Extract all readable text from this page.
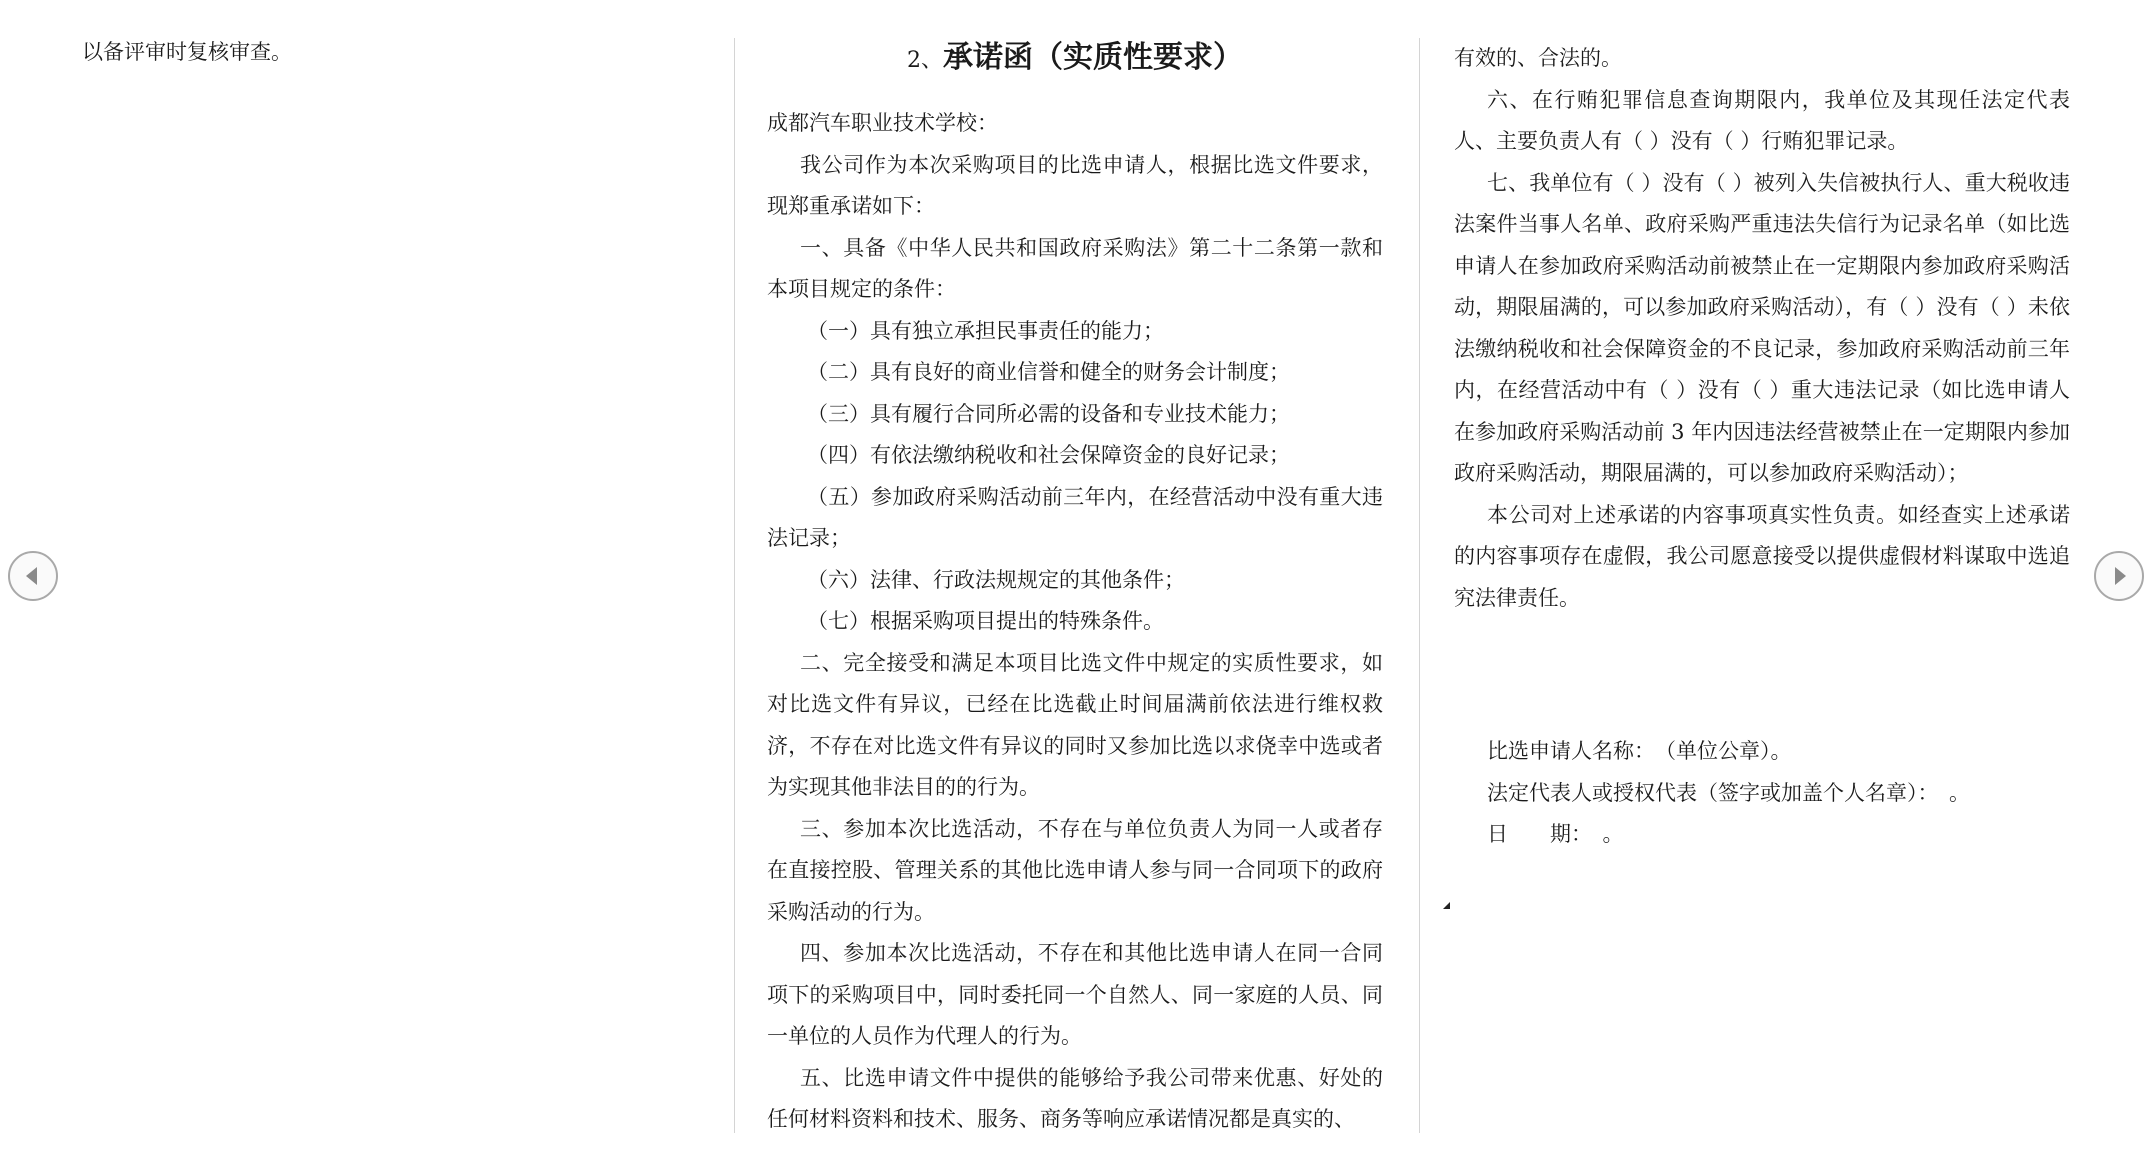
以备评审时复核审查。	2、承诺函（实质性要求）

成都汽车职业技术学校：

我公司作为本次采购项目的比选申请人，根据比选文件要求，现郑重承诺如下：

一、具备《中华人民共和国政府采购法》第二十二条第一款和本项目规定的条件：

（一）具有独立承担民事责任的能力；

（二）具有良好的商业信誉和健全的财务会计制度；

（三）具有履行合同所必需的设备和专业技术能力；

（四）有依法缴纳税收和社会保障资金的良好记录；

（五）参加政府采购活动前三年内，在经营活动中没有重大违法记录；

（六）法律、行政法规规定的其他条件；

（七）根据采购项目提出的特殊条件。

二、完全接受和满足本项目比选文件中规定的实质性要求，如对比选文件有异议，已经在比选截止时间届满前依法进行维权救济，不存在对比选文件有异议的同时又参加比选以求侥幸中选或者为实现其他非法目的的行为。

三、参加本次比选活动，不存在与单位负责人为同一人或者存在直接控股、管理关系的其他比选申请人参与同一合同项下的政府采购活动的行为。

四、参加本次比选活动，不存在和其他比选申请人在同一合同项下的采购项目中，同时委托同一个自然人、同一家庭的人员、同一单位的人员作为代理人的行为。

五、比选申请文件中提供的能够给予我公司带来优惠、好处的任何材料资料和技术、服务、商务等响应承诺情况都是真实的、

有效的、合法的。

六、在行贿犯罪信息查询期限内，我单位及其现任法定代表人、主要负责人有（ ）没有（ ）行贿犯罪记录。

七、我单位有（ ）没有（ ）被列入失信被执行人、重大税收违法案件当事人名单、政府采购严重违法失信行为记录名单（如比选申请人在参加政府采购活动前被禁止在一定期限内参加政府采购活动，期限届满的，可以参加政府采购活动），有（ ）没有（ ）未依法缴纳税收和社会保障资金的不良记录，参加政府采购活动前三年内，在经营活动中有（ ）没有（ ）重大违法记录（如比选申请人在参加政府采购活动前 3 年内因违法经营被禁止在一定期限内参加政府采购活动，期限届满的，可以参加政府采购活动）；

本公司对上述承诺的内容事项真实性负责。如经查实上述承诺的内容事项存在虚假，我公司愿意接受以提供虚假材料谋取中选追究法律责任。

比选申请人名称：　（单位公章）。

法定代表人或授权代表（签字或加盖个人名章）：　。

日　　期：　。
